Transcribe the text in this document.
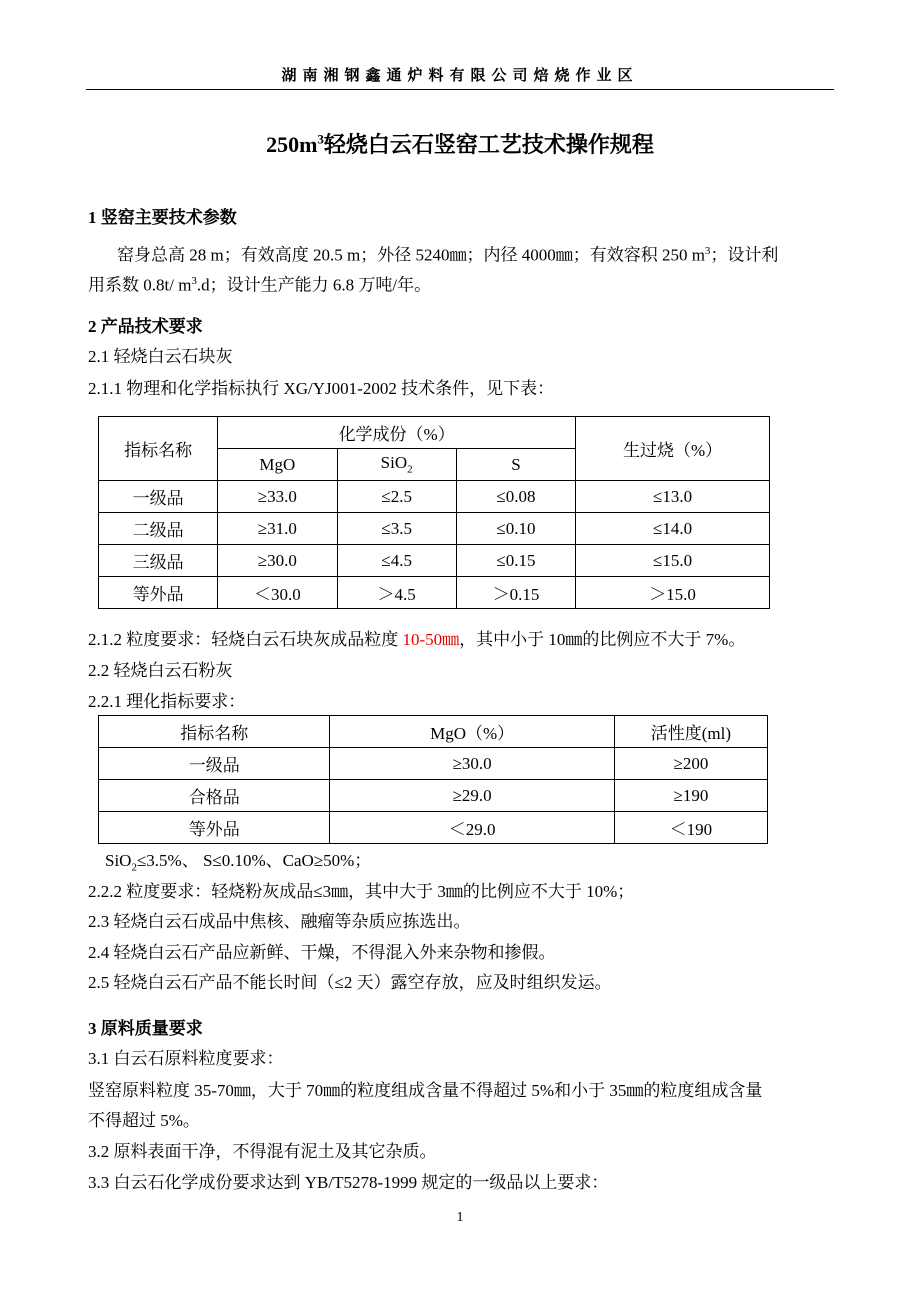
湖南湘钢鑫通炉料有限公司焙烧作业区
$250m^3$轻烧白云石竖窑工艺技术操作规程
1 竖窑主要技术参数
窑身总高 28 m；有效高度 20.5 m；外径 5240㎜；内径 4000㎜；有效容积 250 $m^3$；设计利
用系数 0.8t/ $m^3.d$；设计生产能力 6.8 万吨/年。
2 产品技术要求
2.1 轻烧白云石块灰
2.1.1 物理和化学指标执行 XG/YJ001-2002 技术条件，见下表：
指标名称	化学成份（%）			生过烧（%）
	MgO	SiO$_2$	S	
一级品	≥33.0	≤2.5	≤0.08	≤13.0
二级品	≥31.0	≤3.5	≤0.10	≤14.0
三级品	≥30.0	≤4.5	≤0.15	≤15.0
等外品	＜30.0	＞4.5	＞0.15	＞15.0
2.1.2 粒度要求：轻烧白云石块灰成品粒度 10-50㎜，其中小于 10㎜的比例应不大于 7%。
2.2 轻烧白云石粉灰
2.2.1 理化指标要求：
指标名称	MgO（%）	活性度(ml)
一级品	≥30.0	≥200
合格品	≥29.0	≥190
等外品	＜29.0	＜190
SiO$_2$≤3.5%、 S≤0.10%、CaO≥50%；
2.2.2 粒度要求：轻烧粉灰成品≤3㎜，其中大于 3㎜的比例应不大于 10%；
2.3 轻烧白云石成品中焦核、融瘤等杂质应拣选出。
2.4 轻烧白云石产品应新鲜、干燥，不得混入外来杂物和掺假。
2.5 轻烧白云石产品不能长时间（≤2 天）露空存放，应及时组织发运。
3 原料质量要求
3.1 白云石原料粒度要求：
竖窑原料粒度 35-70㎜，大于 70㎜的粒度组成含量不得超过 5%和小于 35㎜的粒度组成含量
不得超过 5%。
3.2 原料表面干净，不得混有泥土及其它杂质。
3.3 白云石化学成份要求达到 YB/T5278-1999 规定的一级品以上要求：
1
